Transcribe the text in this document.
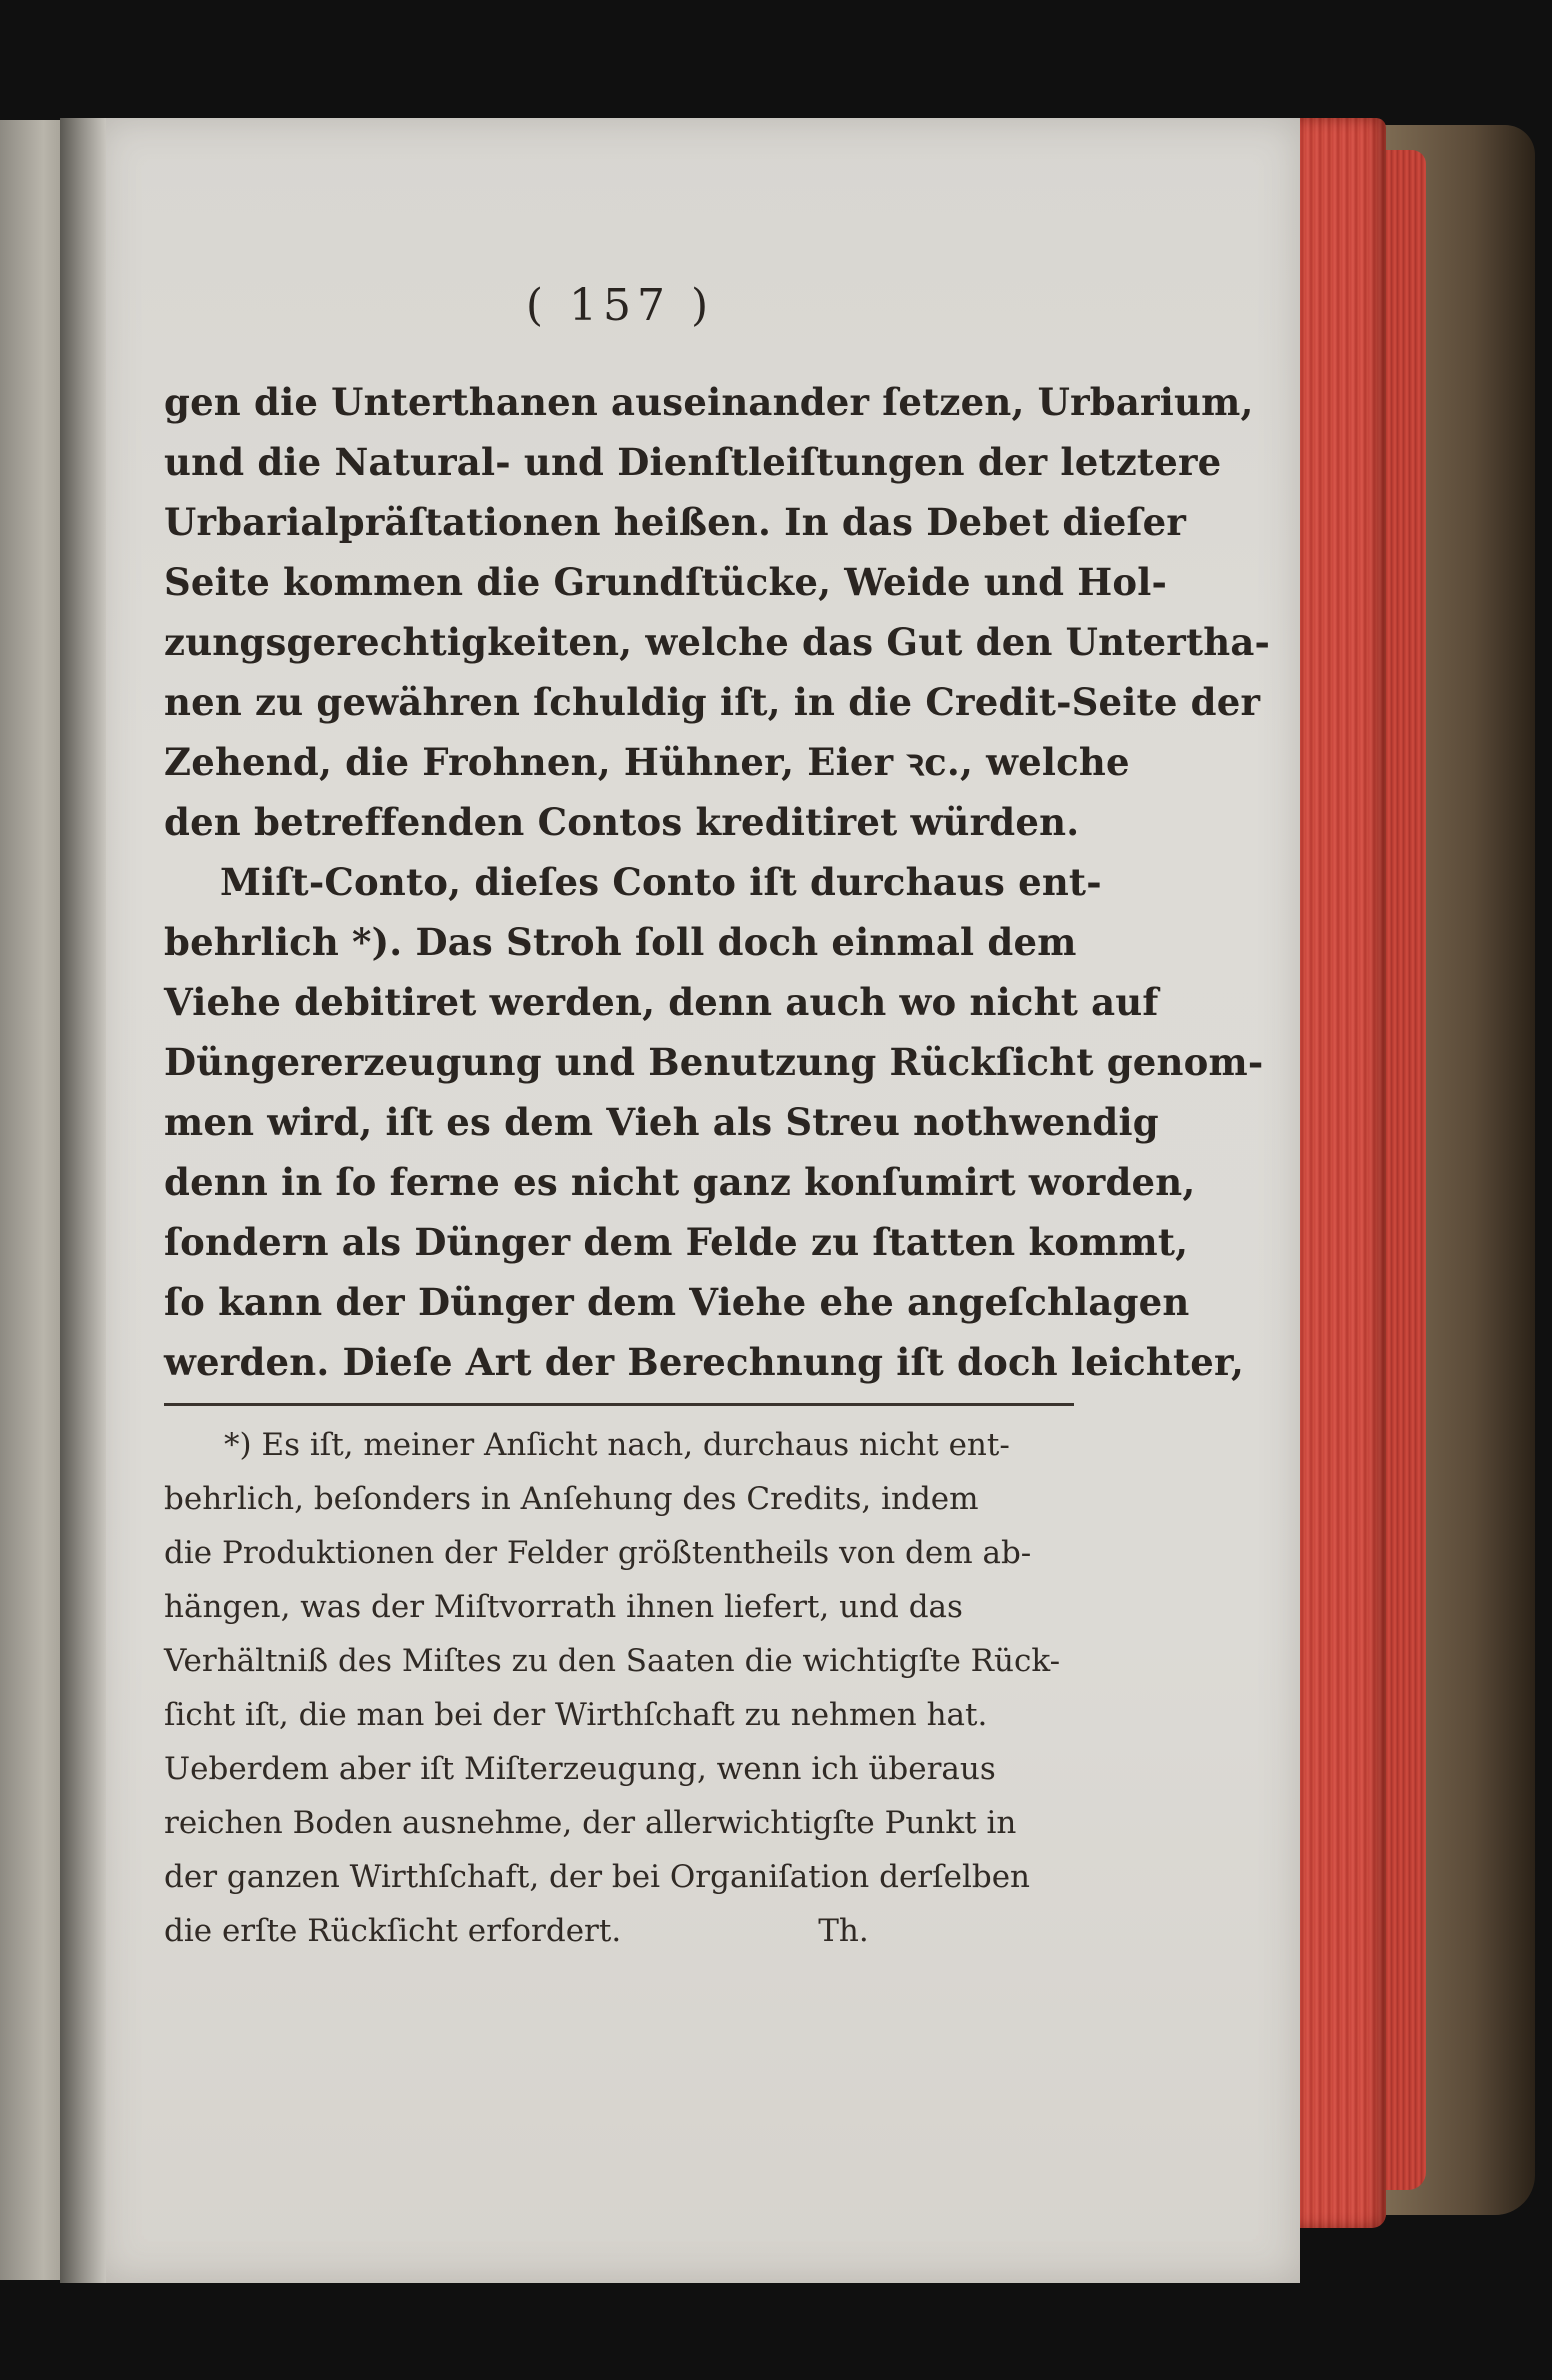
( 157 )
gen die Unterthanen auseinander ſetzen, Urbarium,
und die Natural- und Dienſtleiſtungen der letztere
Urbarialpräſtationen heißen. In das Debet dieſer
Seite kommen die Grundſtücke, Weide und Hol-
zungsgerechtigkeiten, welche das Gut den Untertha-
nen zu gewähren ſchuldig iſt, in die Credit-Seite der
Zehend, die Frohnen, Hühner, Eier ꝛc., welche
den betreffenden Contos kreditiret würden.
Miſt-Conto, dieſes Conto iſt durchaus ent-
behrlich *). Das Stroh ſoll doch einmal dem
Viehe debitiret werden, denn auch wo nicht auf
Düngererzeugung und Benutzung Rückſicht genom-
men wird, iſt es dem Vieh als Streu nothwendig
denn in ſo ferne es nicht ganz konſumirt worden,
ſondern als Dünger dem Felde zu ſtatten kommt,
ſo kann der Dünger dem Viehe ehe angeſchlagen
werden. Dieſe Art der Berechnung iſt doch leichter,
*) Es iſt, meiner Anſicht nach, durchaus nicht ent-
behrlich, beſonders in Anſehung des Credits, indem
die Produktionen der Felder größtentheils von dem ab-
hängen, was der Miſtvorrath ihnen liefert, und das
Verhältniß des Miſtes zu den Saaten die wichtigſte Rück-
ſicht iſt, die man bei der Wirthſchaft zu nehmen hat.
Ueberdem aber iſt Miſterzeugung, wenn ich überaus
reichen Boden ausnehme, der allerwichtigſte Punkt in
der ganzen Wirthſchaft, der bei Organiſation derſelben
die erſte Rückſicht erfordert.                    Th.
